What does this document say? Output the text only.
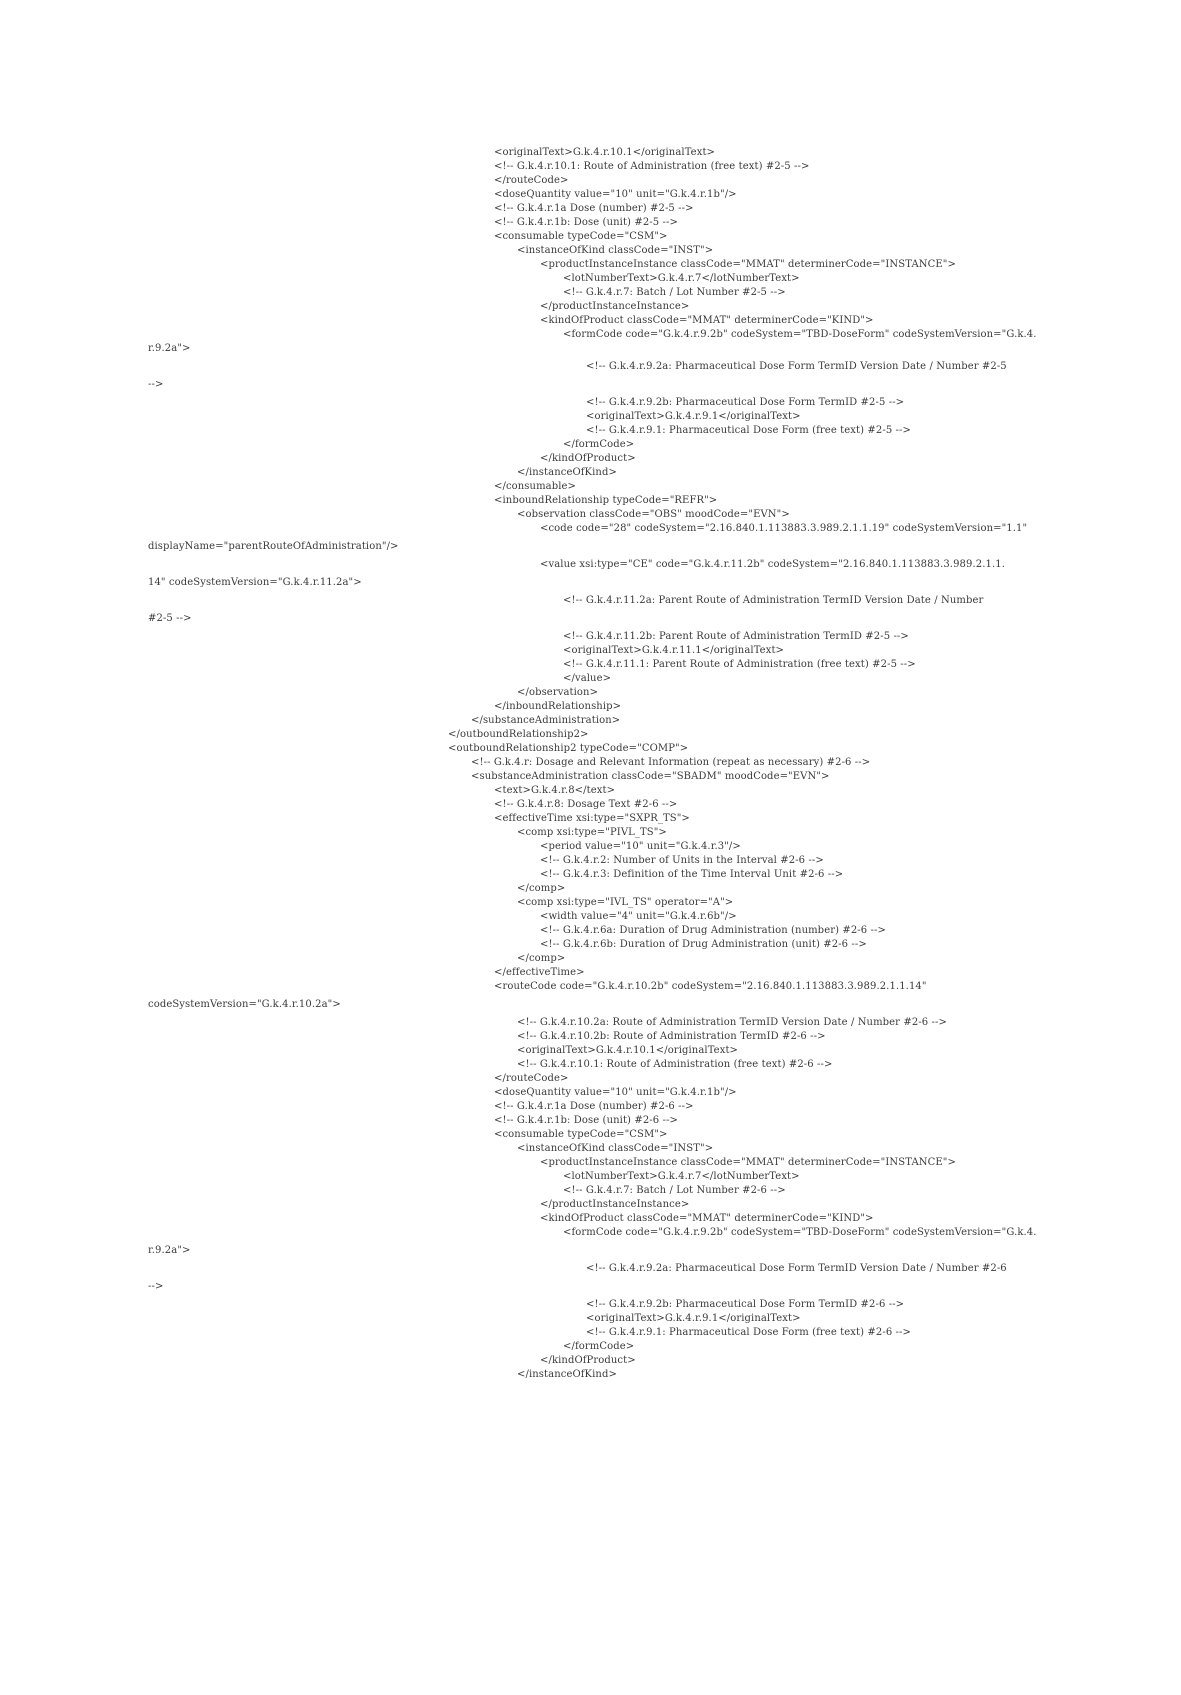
<originalText>G.k.4.r.10.1</originalText>
<!-- G.k.4.r.10.1: Route of Administration (free text) #2-5 -->
</routeCode>
<doseQuantity value="10" unit="G.k.4.r.1b"/>
<!-- G.k.4.r.1a Dose (number) #2-5 -->
<!-- G.k.4.r.1b: Dose (unit) #2-5 -->
<consumable typeCode="CSM">
<instanceOfKind classCode="INST">
<productInstanceInstance classCode="MMAT" determinerCode="INSTANCE">
<lotNumberText>G.k.4.r.7</lotNumberText>
<!-- G.k.4.r.7: Batch / Lot Number #2-5 -->
</productInstanceInstance>
<kindOfProduct classCode="MMAT" determinerCode="KIND">
<formCode code="G.k.4.r.9.2b" codeSystem="TBD-DoseForm" codeSystemVersion="G.k.4.
r.9.2a">
<!-- G.k.4.r.9.2a: Pharmaceutical Dose Form TermID Version Date / Number #2-5
-->
<!-- G.k.4.r.9.2b: Pharmaceutical Dose Form TermID #2-5 -->
<originalText>G.k.4.r.9.1</originalText>
<!-- G.k.4.r.9.1: Pharmaceutical Dose Form (free text) #2-5 -->
</formCode>
</kindOfProduct>
</instanceOfKind>
</consumable>
<inboundRelationship typeCode="REFR">
<observation classCode="OBS" moodCode="EVN">
<code code="28" codeSystem="2.16.840.1.113883.3.989.2.1.1.19" codeSystemVersion="1.1"
displayName="parentRouteOfAdministration"/>
<value xsi:type="CE" code="G.k.4.r.11.2b" codeSystem="2.16.840.1.113883.3.989.2.1.1.
14" codeSystemVersion="G.k.4.r.11.2a">
<!-- G.k.4.r.11.2a: Parent Route of Administration TermID Version Date / Number
#2-5 -->
<!-- G.k.4.r.11.2b: Parent Route of Administration TermID #2-5 -->
<originalText>G.k.4.r.11.1</originalText>
<!-- G.k.4.r.11.1: Parent Route of Administration (free text) #2-5 -->
</value>
</observation>
</inboundRelationship>
</substanceAdministration>
</outboundRelationship2>
<outboundRelationship2 typeCode="COMP">
<!-- G.k.4.r: Dosage and Relevant Information (repeat as necessary) #2-6 -->
<substanceAdministration classCode="SBADM" moodCode="EVN">
<text>G.k.4.r.8</text>
<!-- G.k.4.r.8: Dosage Text #2-6 -->
<effectiveTime xsi:type="SXPR_TS">
<comp xsi:type="PIVL_TS">
<period value="10" unit="G.k.4.r.3"/>
<!-- G.k.4.r.2: Number of Units in the Interval #2-6 -->
<!-- G.k.4.r.3: Definition of the Time Interval Unit #2-6 -->
</comp>
<comp xsi:type="IVL_TS" operator="A">
<width value="4" unit="G.k.4.r.6b"/>
<!-- G.k.4.r.6a: Duration of Drug Administration (number) #2-6 -->
<!-- G.k.4.r.6b: Duration of Drug Administration (unit) #2-6 -->
</comp>
</effectiveTime>
<routeCode code="G.k.4.r.10.2b" codeSystem="2.16.840.1.113883.3.989.2.1.1.14"
codeSystemVersion="G.k.4.r.10.2a">
<!-- G.k.4.r.10.2a: Route of Administration TermID Version Date / Number #2-6 -->
<!-- G.k.4.r.10.2b: Route of Administration TermID #2-6 -->
<originalText>G.k.4.r.10.1</originalText>
<!-- G.k.4.r.10.1: Route of Administration (free text) #2-6 -->
</routeCode>
<doseQuantity value="10" unit="G.k.4.r.1b"/>
<!-- G.k.4.r.1a Dose (number) #2-6 -->
<!-- G.k.4.r.1b: Dose (unit) #2-6 -->
<consumable typeCode="CSM">
<instanceOfKind classCode="INST">
<productInstanceInstance classCode="MMAT" determinerCode="INSTANCE">
<lotNumberText>G.k.4.r.7</lotNumberText>
<!-- G.k.4.r.7: Batch / Lot Number #2-6 -->
</productInstanceInstance>
<kindOfProduct classCode="MMAT" determinerCode="KIND">
<formCode code="G.k.4.r.9.2b" codeSystem="TBD-DoseForm" codeSystemVersion="G.k.4.
r.9.2a">
<!-- G.k.4.r.9.2a: Pharmaceutical Dose Form TermID Version Date / Number #2-6
-->
<!-- G.k.4.r.9.2b: Pharmaceutical Dose Form TermID #2-6 -->
<originalText>G.k.4.r.9.1</originalText>
<!-- G.k.4.r.9.1: Pharmaceutical Dose Form (free text) #2-6 -->
</formCode>
</kindOfProduct>
</instanceOfKind>
